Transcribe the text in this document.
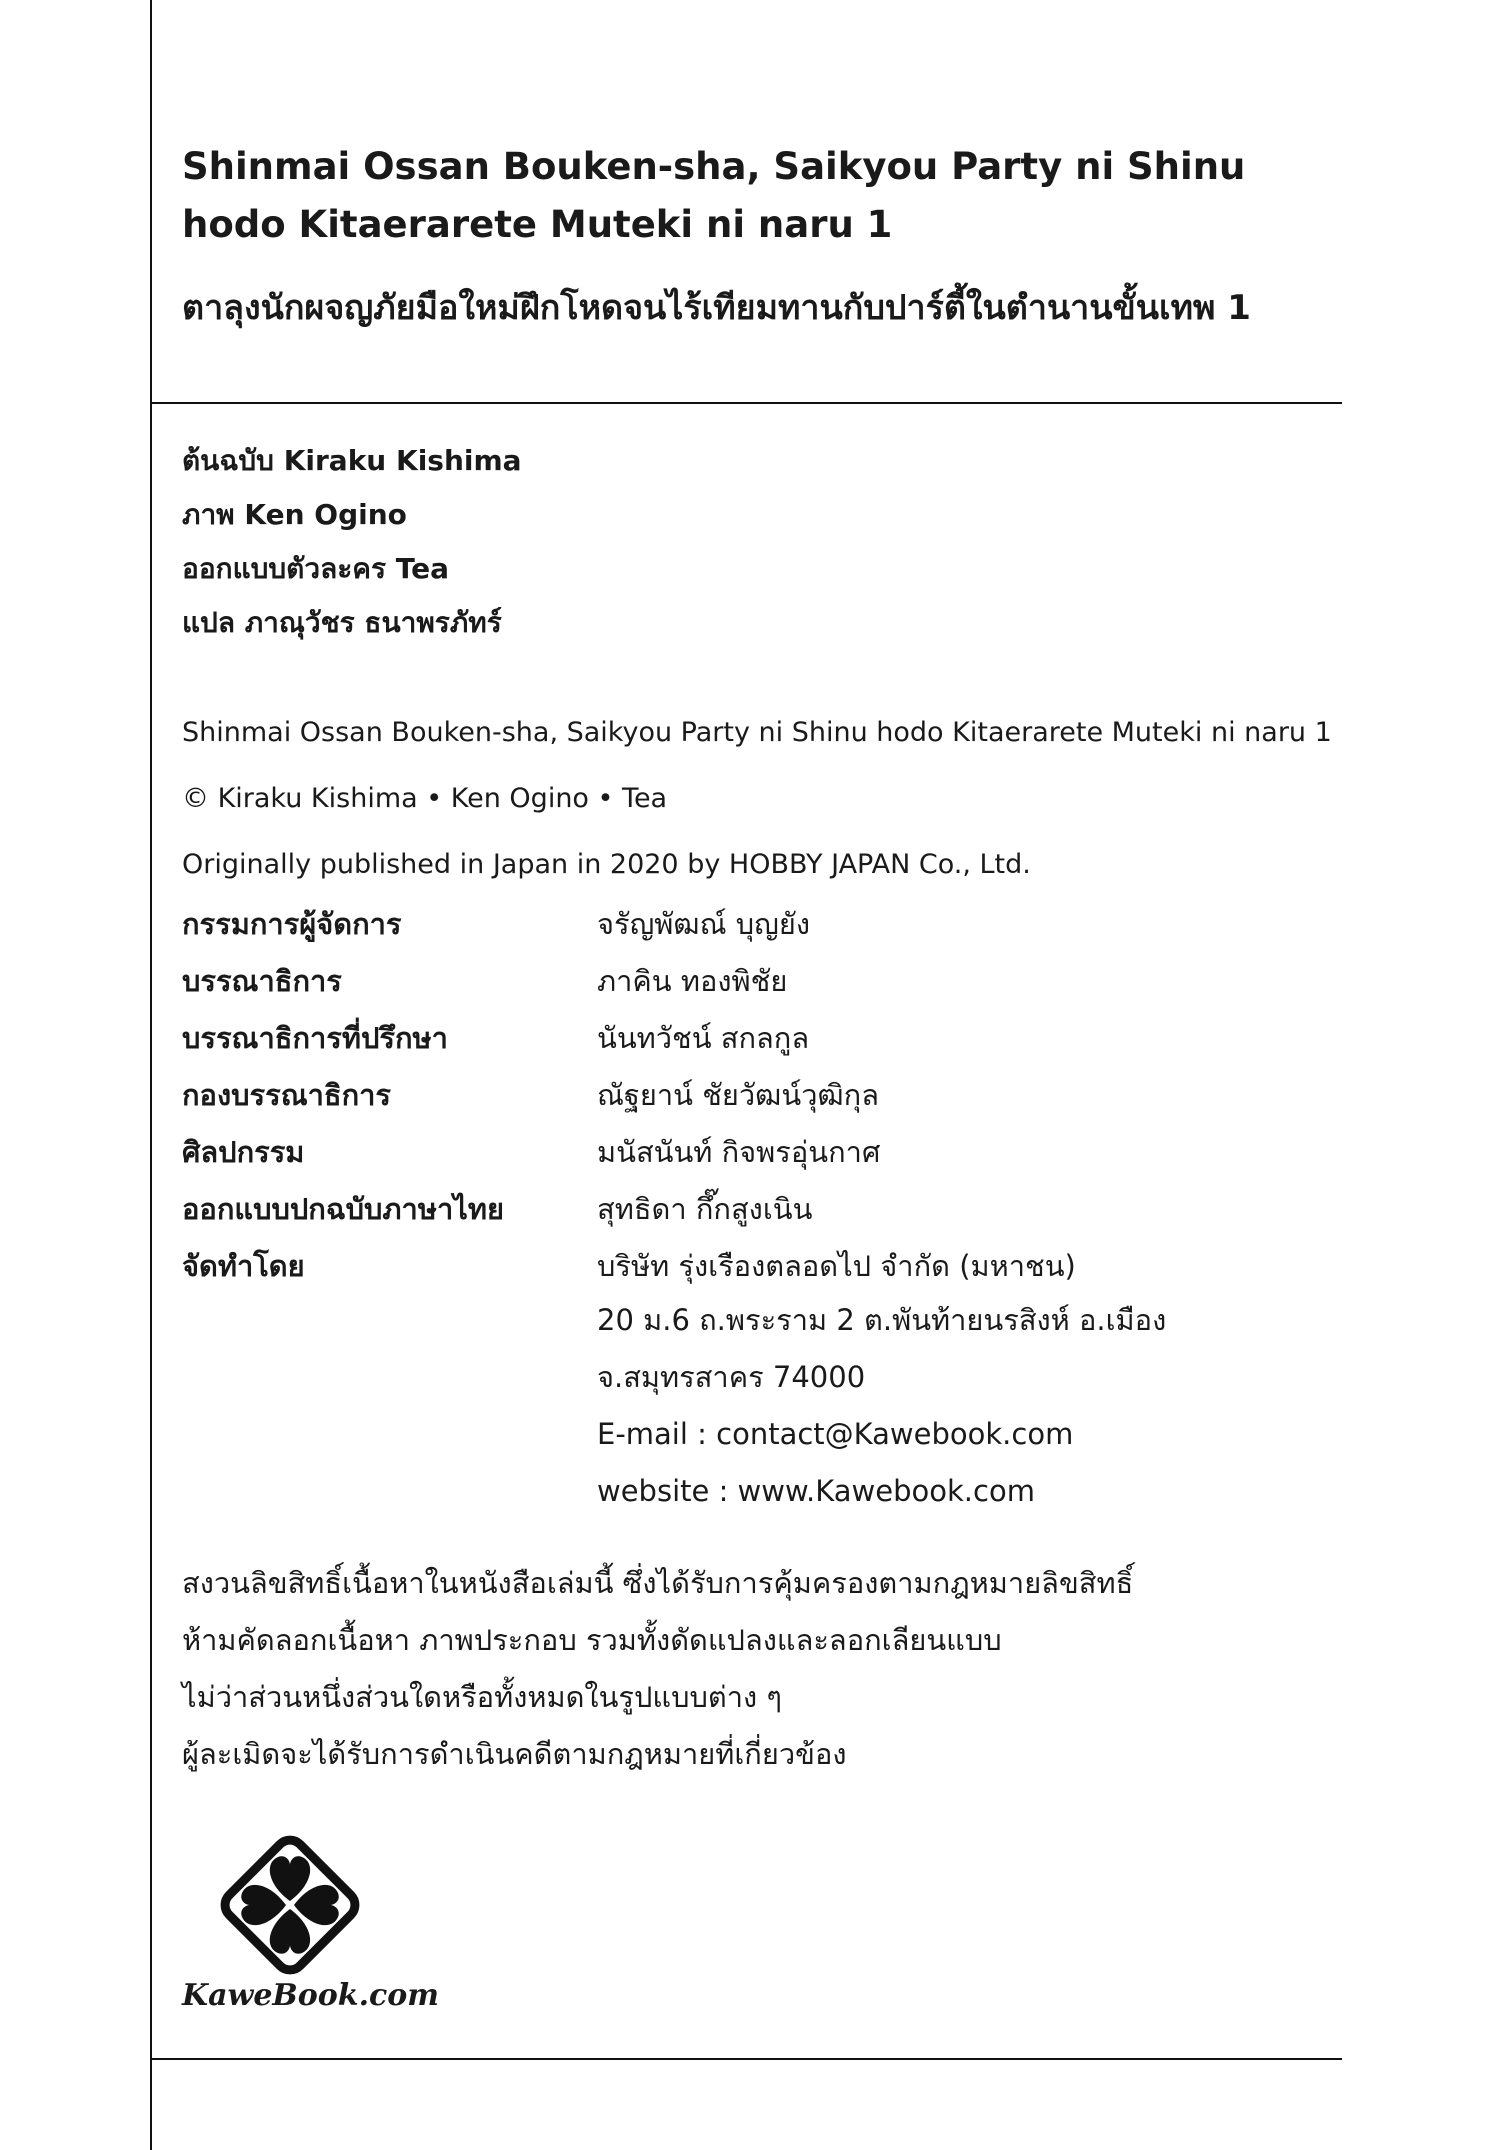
Shinmai Ossan Bouken-sha, Saikyou Party ni Shinu hodo Kitaerarete Muteki ni naru 1
ตาลุงนักผจญภัยมือใหม่ฝึกโหดจนไร้เทียมทานกับปาร์ตี้ในตำนานขั้นเทพ 1
ต้นฉบับ Kiraku Kishima
ภาพ Ken Ogino
ออกแบบตัวละคร Tea
แปล ภาณุวัชร ธนาพรภัทร์
Shinmai Ossan Bouken-sha, Saikyou Party ni Shinu hodo Kitaerarete Muteki ni naru 1
© Kiraku Kishima • Ken Ogino • Tea
Originally published in Japan in 2020 by HOBBY JAPAN Co., Ltd.
กรรมการผู้จัดการ	จรัญพัฒณ์ บุญยัง
บรรณาธิการ	ภาคิน ทองพิชัย
บรรณาธิการที่ปรึกษา	นันทวัชน์ สกลกูล
กองบรรณาธิการ	ณัฐยาน์ ชัยวัฒน์วุฒิกุล
ศิลปกรรม	มนัสนันท์ กิจพรอุ่นกาศ
ออกแบบปกฉบับภาษาไทย	สุทธิดา กึ๊กสูงเนิน
จัดทำโดย	บริษัท รุ่งเรืองตลอดไป จำกัด (มหาชน)
20 ม.6 ถ.พระราม 2 ต.พันท้ายนรสิงห์ อ.เมือง
จ.สมุทรสาคร 74000
E-mail : contact@Kawebook.com
website : www.Kawebook.com
สงวนลิขสิทธิ์เนื้อหาในหนังสือเล่มนี้ ซึ่งได้รับการคุ้มครองตามกฎหมายลิขสิทธิ์
ห้ามคัดลอกเนื้อหา ภาพประกอบ รวมทั้งดัดแปลงและลอกเลียนแบบ
ไม่ว่าส่วนหนึ่งส่วนใดหรือทั้งหมดในรูปแบบต่าง ๆ
ผู้ละเมิดจะได้รับการดำเนินคดีตามกฎหมายที่เกี่ยวข้อง
KaweBook.com
